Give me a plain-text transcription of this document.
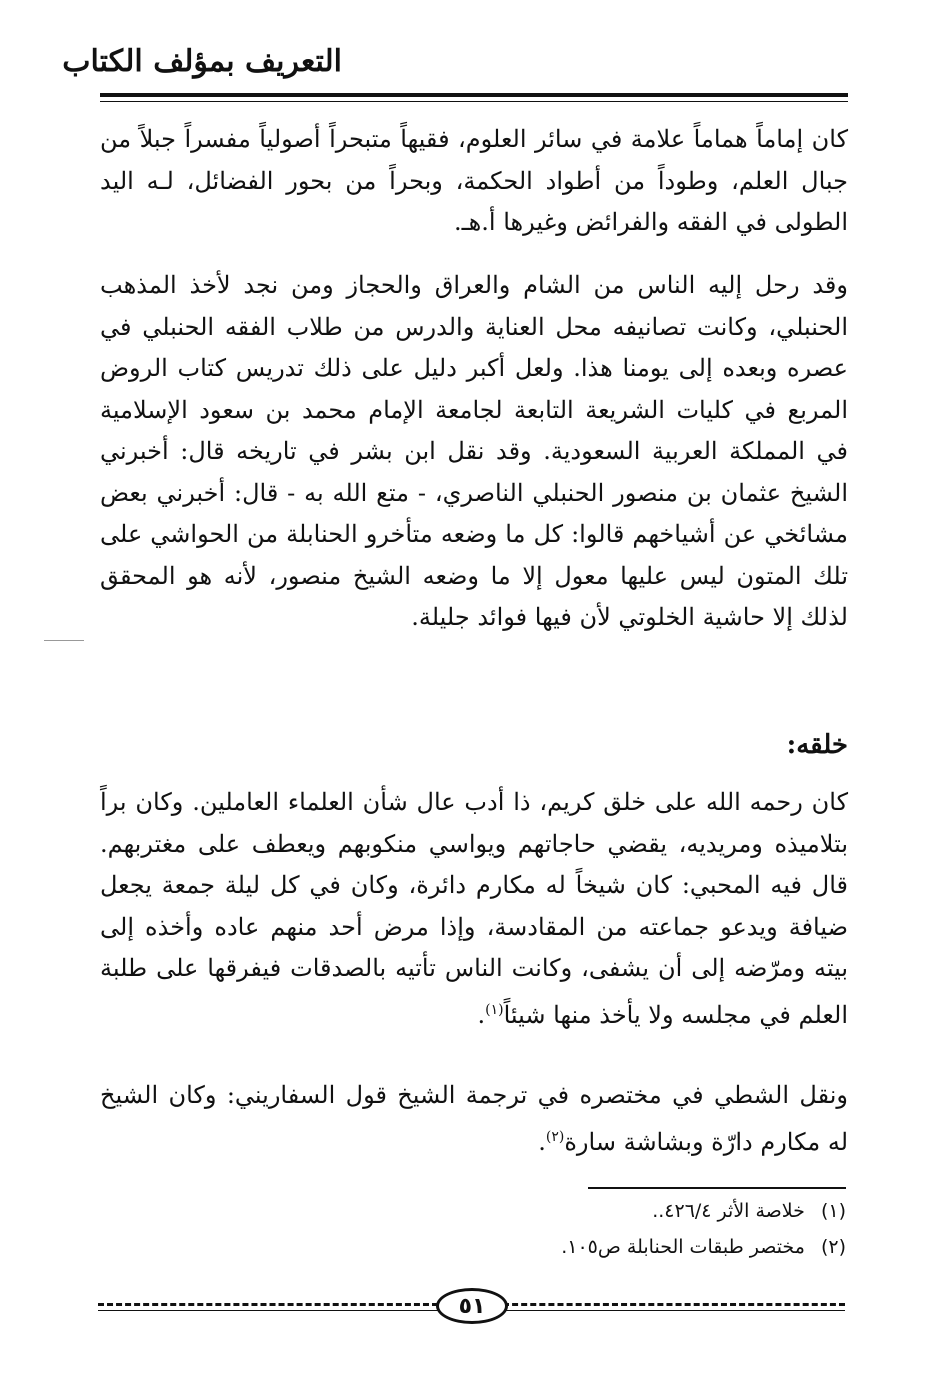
التعريف بمؤلف الكتاب

كان إماماً هماماً علامة في سائر العلوم، فقيهاً متبحراً أصولياً مفسراً جبلاً من جبال العلم، وطوداً من أطواد الحكمة، وبحراً من بحور الفضائل، لـه اليد الطولى في الفقه والفرائض وغيرها أ.هـ.

وقد رحل إليه الناس من الشام والعراق والحجاز ومن نجد لأخذ المذهب الحنبلي، وكانت تصانيفه محل العناية والدرس من طلاب الفقه الحنبلي في عصره وبعده إلى يومنا هذا. ولعل أكبر دليل على ذلك تدريس كتاب الروض المربع في كليات الشريعة التابعة لجامعة الإمام محمد بن سعود الإسلامية في المملكة العربية السعودية. وقد نقل ابن بشر في تاريخه قال: أخبرني الشيخ عثمان بن منصور الحنبلي الناصري، - متع الله به - قال: أخبرني بعض مشائخي عن أشياخهم قالوا: كل ما وضعه متأخرو الحنابلة من الحواشي على تلك المتون ليس عليها معول إلا ما وضعه الشيخ منصور، لأنه هو المحقق لذلك إلا حاشية الخلوتي لأن فيها فوائد جليلة.

خلقه:

كان رحمه الله على خلق كريم، ذا أدب عال شأن العلماء العاملين. وكان براً بتلاميذه ومريديه، يقضي حاجاتهم ويواسي منكوبهم ويعطف على مغتربهم. قال فيه المحبي: كان شيخاً له مكارم دائرة، وكان في كل ليلة جمعة يجعل ضيافة ويدعو جماعته من المقادسة، وإذا مرض أحد منهم عاده وأخذه إلى بيته ومرّضه إلى أن يشفى، وكانت الناس تأتيه بالصدقات فيفرقها على طلبة العلم في مجلسه ولا يأخذ منها شيئاً$^{(١)}$.

ونقل الشطي في مختصره في ترجمة الشيخ قول السفاريني: وكان الشيخ له مكارم دارّة وبشاشة سارة$^{(٢)}$.

(١) خلاصة الأثر ٤٢٦/٤..

(٢) مختصر طبقات الحنابلة ص١٠٥.

٥١
